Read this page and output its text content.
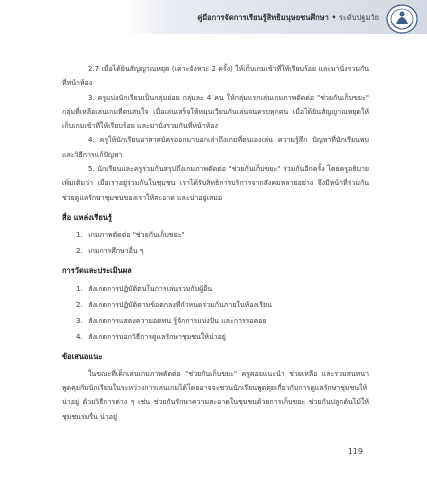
คู่มือการจัดการเรียนรู้สิทธิมนุษยชนศึกษา • ระดับปฐมวัย

2.7 เมื่อได้ยินสัญญาณหยุด (เคาะจังหวะ 2 ครั้ง) ให้เก็บเกมเข้าที่ให้เรียบร้อย และมานั่งรวมกันที่หน้าห้อง

3. ครูแบ่งนักเรียนเป็นกลุ่มย่อย กลุ่มละ 4 คน ให้กลุ่มแรกเล่นเกมภาพตัดต่อ "ช่วยกันเก็บขยะ" กลุ่มที่เหลือเล่นเกมที่ตนสนใจ เมื่อเล่นเสร็จให้หมุนเวียนกันเล่นจนครบทุกคน เมื่อได้ยินสัญญาณหยุดให้เก็บเกมเข้าที่ให้เรียบร้อย และมานั่งรวมกันที่หน้าห้อง

4. ครูให้นักเรียนอาสาสมัครออกมาบอกเล่าถึงเกมที่ตนเองเล่น ความรู้สึก ปัญหาที่นักเรียนพบ และวิธีการแก้ปัญหา

5. นักเรียนและครูร่วมกันสรุปถึงเกมภาพตัดต่อ "ช่วยกันเก็บขยะ" ร่วมกันอีกครั้ง โดยครูอธิบายเพิ่มเติมว่า เมื่อเราอยู่ร่วมกันในชุมชน เราได้รับสิทธิการบริการจากสังคมหลายอย่าง จึงมีหน้าที่ร่วมกันช่วยดูแลรักษาชุมชนของเราให้สะอาด และน่าอยู่เสมอ

สื่อ แหล่งเรียนรู้
1. เกมภาพตัดต่อ "ช่วยกันเก็บขยะ"
2. เกมการศึกษาอื่น ๆ
การวัดและประเมินผล
1. สังเกตการปฏิบัติตนในการเล่นร่วมกับผู้อื่น
2. สังเกตการปฏิบัติตามข้อตกลงที่กำหนดร่วมกันภายในห้องเรียน
3. สังเกตการแสดงความอดทน รู้จักการแบ่งปัน และการรอคอย
4. สังเกตการบอกวิธีการดูแลรักษาชุมชนให้น่าอยู่
ข้อเสนอแนะ

ในขณะที่เด็กเล่นเกมภาพตัดต่อ "ช่วยกันเก็บขยะ" ครูคอยแนะนำ ช่วยเหลือ และร่วมสนทนาพูดคุยกับนักเรียนในระหว่างการเล่นเกมได้โดยอาจจะชวนนักเรียนพูดคุยเกี่ยวกับการดูแลรักษาชุมชนให้น่าอยู่ ด้วยวิธีการต่าง ๆ เช่น ช่วยกันรักษาความสะอาดในชุมชนด้วยการเก็บขยะ ช่วยกันปลูกต้นไม้ให้ชุมชนร่มรื่น น่าอยู่

119
